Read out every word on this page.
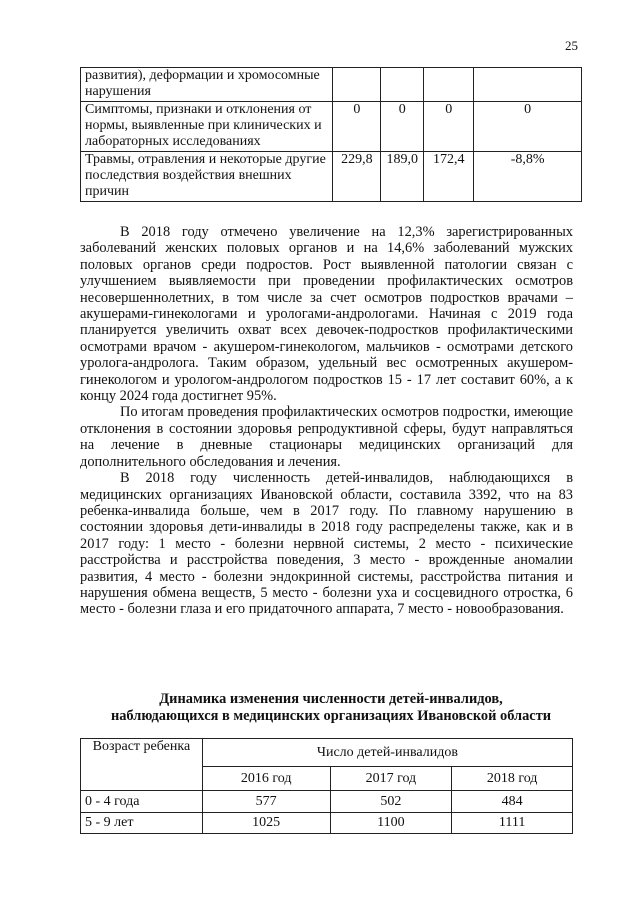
25
развития), деформации и хромосомные нарушения				
Симптомы, признаки и отклонения от нормы, выявленные при клинических и лабораторных исследованиях	0	0	0	0
Травмы, отравления и некоторые другие последствия воздействия внешних причин	229,8	189,0	172,4	-8,8%

В 2018 году отмечено увеличение на 12,3% зарегистрированных заболеваний женских половых органов и на 14,6% заболеваний мужских половых органов среди подростов. Рост выявленной патологии связан с улучшением выявляемости при проведении профилактических осмотров несовершеннолетних, в том числе за счет осмотров подростков врачами – акушерами-гинекологами и урологами-андрологами. Начиная с 2019 года планируется увеличить охват всех девочек-подростков профилактическими осмотрами врачом - акушером-гинекологом, мальчиков - осмотрами детского уролога-андролога. Таким образом, удельный вес осмотренных акушером-гинекологом и урологом-андрологом подростков 15 - 17 лет составит 60%, а к концу 2024 года достигнет 95%.

По итогам проведения профилактических осмотров подростки, имеющие отклонения в состоянии здоровья репродуктивной сферы, будут направляться на лечение в дневные стационары медицинских организаций для дополнительного обследования и лечения.

В 2018 году численность детей-инвалидов, наблюдающихся в медицинских организациях Ивановской области, составила 3392, что на 83 ребенка-инвалида больше, чем в 2017 году. По главному нарушению в состоянии здоровья дети-инвалиды в 2018 году распределены также, как и в 2017 году: 1 место - болезни нервной системы, 2 место - психические расстройства и расстройства поведения, 3 место - врожденные аномалии развития, 4 место - болезни эндокринной системы, расстройства питания и нарушения обмена веществ, 5 место - болезни уха и сосцевидного отростка, 6 место - болезни глаза и его придаточного аппарата, 7 место - новообразования.

Динамика изменения численности детей-инвалидов,
наблюдающихся в медицинских организациях Ивановской области
Возраст ребенка	Число детей-инвалидов		
	2016 год	2017 год	2018 год
0 - 4 года	577	502	484
5 - 9 лет	1025	1100	1111
